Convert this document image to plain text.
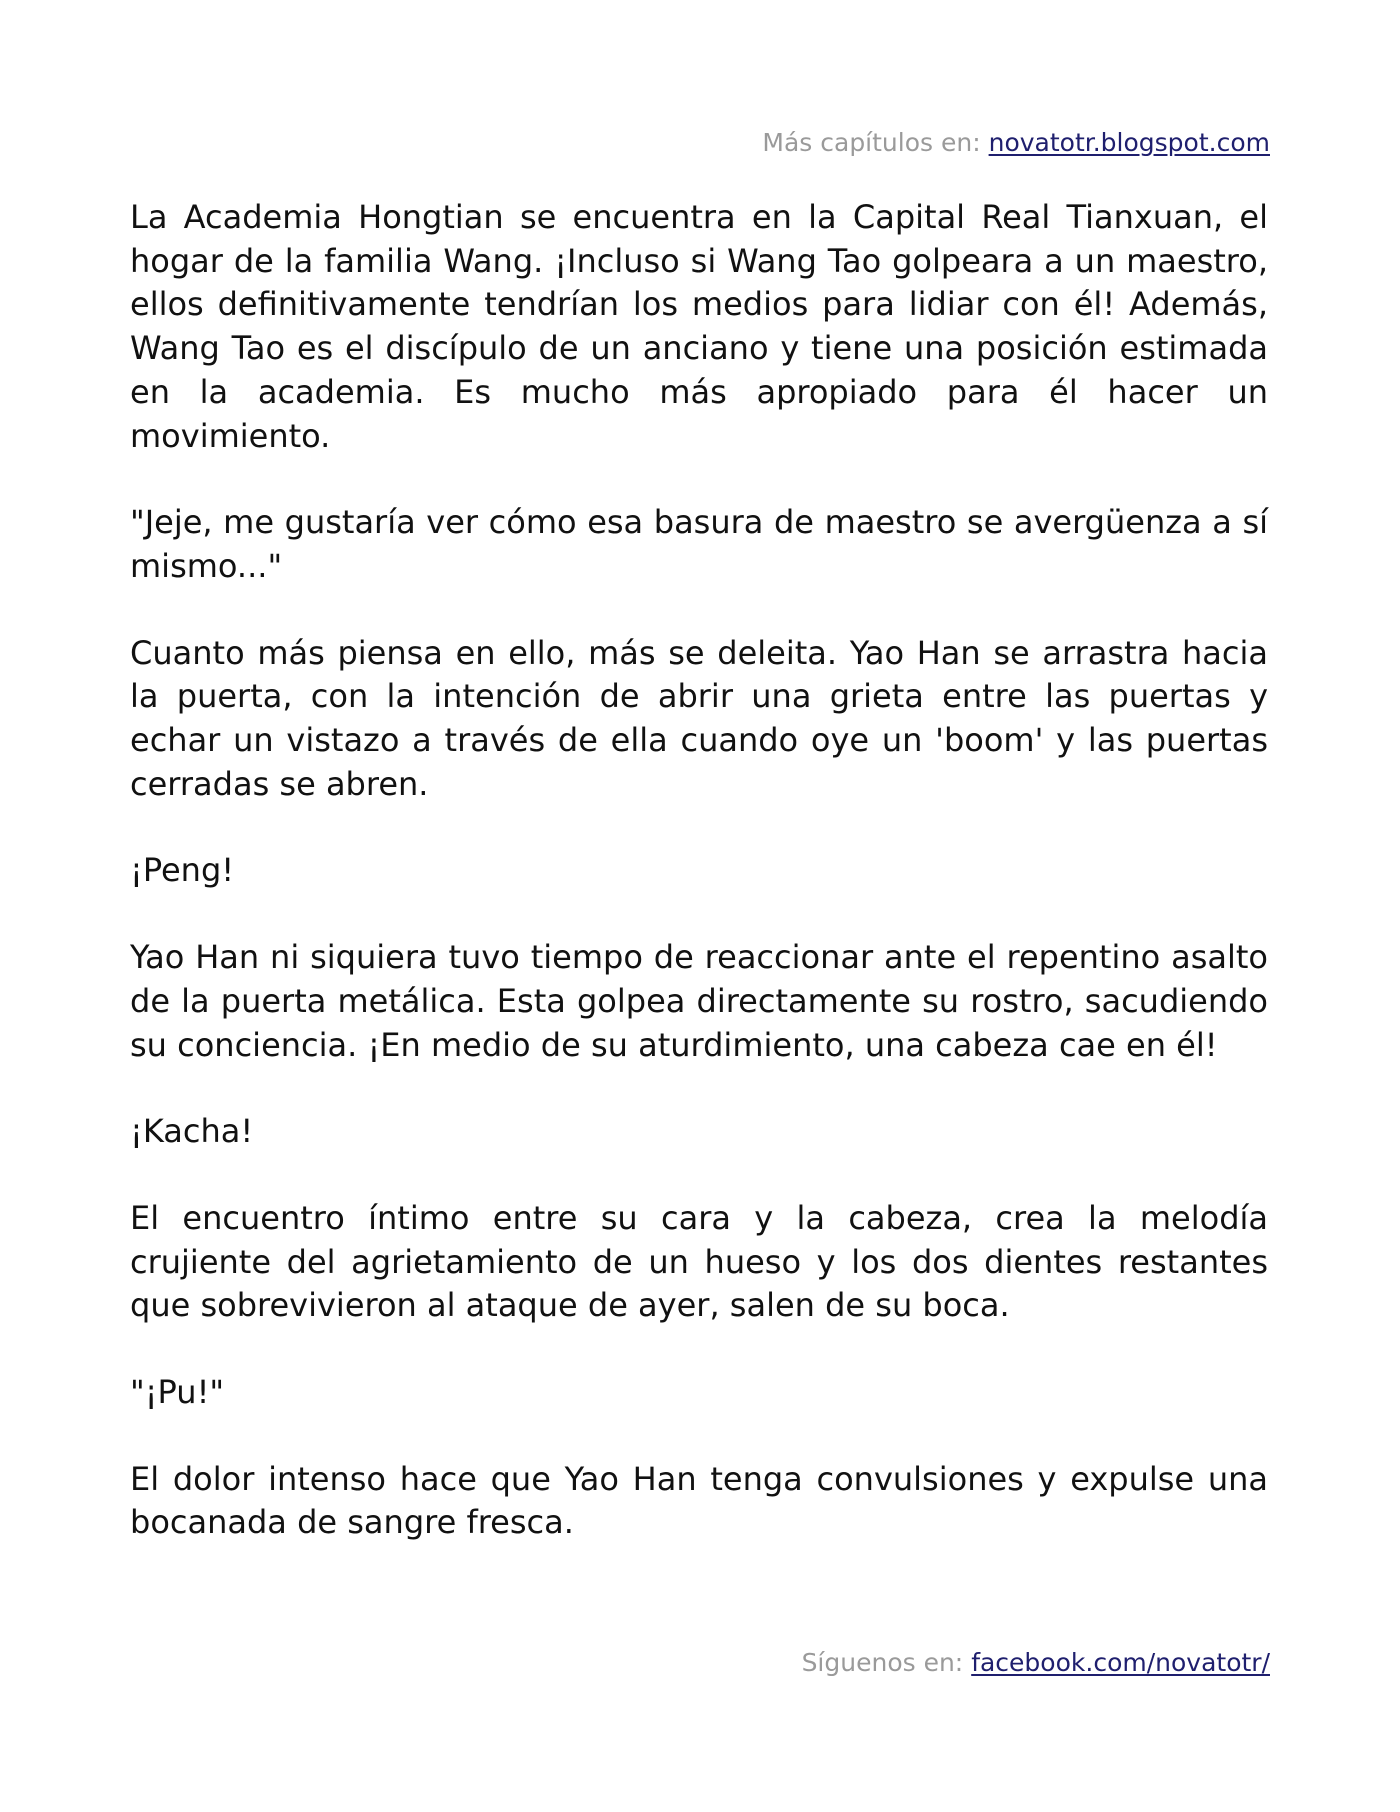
Más capítulos en: novatotr.blogspot.com

La Academia Hongtian se encuentra en la Capital Real Tianxuan, el hogar de la familia Wang. ¡Incluso si Wang Tao golpeara a un maestro, ellos definitivamente tendrían los medios para lidiar con él! Además, Wang Tao es el discípulo de un anciano y tiene una posición estimada en la academia. Es mucho más apropiado para él hacer un movimiento.

"Jeje, me gustaría ver cómo esa basura de maestro se avergüenza a sí mismo..."

Cuanto más piensa en ello, más se deleita. Yao Han se arrastra hacia la puerta, con la intención de abrir una grieta entre las puertas y echar un vistazo a través de ella cuando oye un 'boom' y las puertas cerradas se abren.

¡Peng!

Yao Han ni siquiera tuvo tiempo de reaccionar ante el repentino asalto de la puerta metálica. Esta golpea directamente su rostro, sacudiendo su conciencia. ¡En medio de su aturdimiento, una cabeza cae en él!

¡Kacha!

El encuentro íntimo entre su cara y la cabeza, crea la melodía crujiente del agrietamiento de un hueso y los dos dientes restantes que sobrevivieron al ataque de ayer, salen de su boca.

"¡Pu!"

El dolor intenso hace que Yao Han tenga convulsiones y expulse una bocanada de sangre fresca.

Síguenos en: facebook.com/novatotr/
